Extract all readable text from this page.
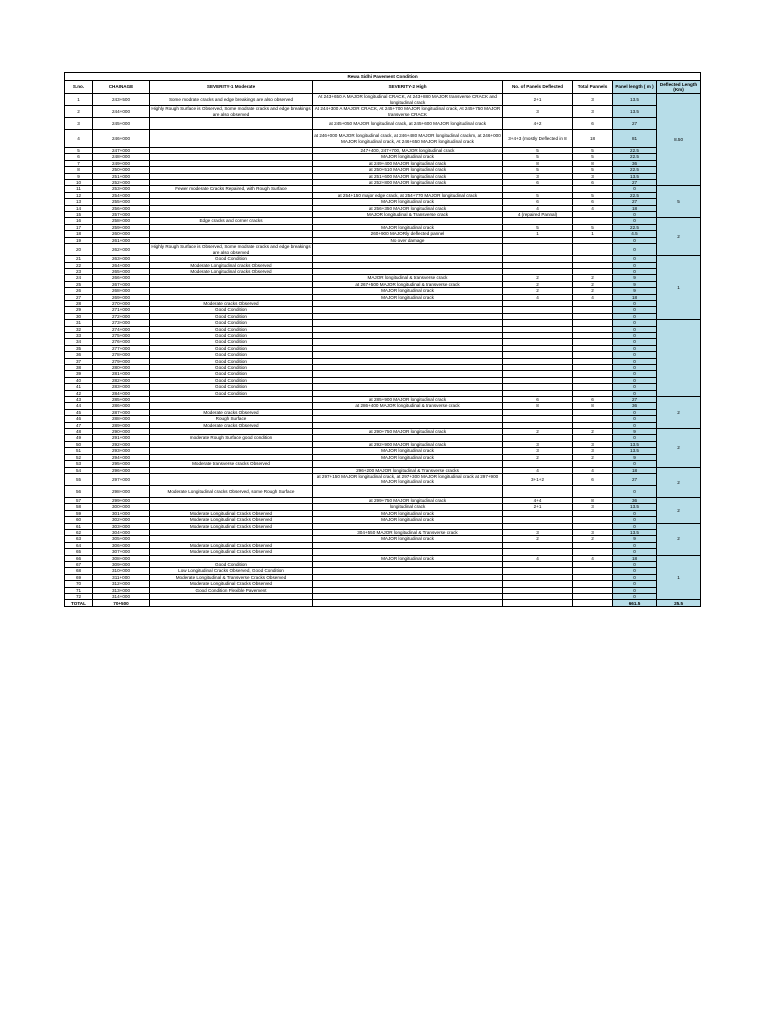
Rewa Sidhi Pavement Condition							
S.no.	CHAINAGE	SEVERITY-1 Moderate	SEVERITY-2 High	No. of Panels Deflected	Total Pannels	Panel length ( m )	Deflected Length (Km)
1	243+500	Some modrate cracks and edge breakings are also observed	At 243+650 A MAJOR longitudinal CRACK, At 243+880 MAJOR transverse CRACK and longitudinal crack	2+1	3	13.5	8.50
2	244+000	Highly Rough Surface is Observed, Some modrate cracks and edge breakings are also observed	At 244+300 A MAJOR CRACK, At 245+700 MAJOR longitudinal crack, At 245+750 MAJOR transverse CRACK	3	3	13.5	
3	245+000		at 245+050 MAJOR longitudinal crack, at 245+600 MAJOR longitudinal crack	4+2	6	27	
4	246+000		at 246+000 MAJOR longitudinal crack, at 246+480 MAJOR longitudinal crackm, at 246+000 MAJOR longitudinal crack, At 246+650 MAJOR longitudinal crack	3+4+3 (mostly Deflected in 8	18	81	
5	247+000		247+400, 247+700, MAJOR longitudinal crack	5	5	22.5	
6	248+000		MAJOR longitudinal crack	5	5	22.5	
7	249+000		at 249+400 MAJOR longitudinal crack	8	8	36	
8	250+000		at 250+510 MAJOR longitudinal crack	5	5	22.5	
9	251+000		at 251+600 MAJOR longitudinal crack	3	3	13.5	
10	252+000		at 252+800 MAJOR longitudinal crack	6	6	27	
11	253+000	Fewer moderate Cracks Repaired, with Rough Surface				0	5
12	254+000		at 254+150 major edge crack, at 254+770 MAJOR longitudinal crack	5	5	22.5	
13	255+000		MAJOR longitudinal crack	6	6	27	
14	256+000		at 256+350 MAJOR longitudinal crack	4	4	18	
15	257+000		MAJOR longitudinal & Transverse crack	4 (repaired Pannal)		0	
16	258+000	Edge cracks and corner cracks				0	2
17	259+000		MAJOR longitudinal crack	5	5	22.5	
18	260+000		260+900 MAJORly deflected pannel	1	1	4.5	
19	261+000		No over damage			0	
20	262+000	Highly Rough Surface is Observed, Some modrate cracks and edge breakings are also observed				0	
21	263+000	Good Condition				0	1
22	264+000	Moderate Longitudinal cracks Observed				0	
23	265+000	Moderate Longitudinal cracks Observed				0	
24	266+000		MAJOR longitudinal & transverse crack	2	2	9	
25	267+000		at 267+500 MAJOR longitudinal & transverse crack	2	2	9	
26	268+000		MAJOR longitudinal crack	2	2	9	
27	269+000		MAJOR longitudinal crack	4	4	18	
28	270+000	Moderate cracks Observed				0	
29	271+000	Good Condition				0	
30	272+000	Good Condition				0	
31	273+000	Good Condition				0	
32	274+000	Good Condition				0	
33	275+000	Good Condition				0	
34	276+000	Good Condition				0	
35	277+000	Good Condition				0	
36	278+000	Good Condition				0	
37	279+000	Good Condition				0	
38	280+000	Good Condition				0	
39	281+000	Good Condition				0	
40	282+000	Good Condition				0	
41	283+000	Good Condition				0	
42	284+000	Good Condition				0	
43	285+000		at 285+900 MAJOR longitudinal crack	6	6	27	2
44	286+000		at 286+400 MAJOR longitudinal & transverse crack	8	8	36	
45	287+000	Moderate cracks Observed				0	
46	288+000	Rough Surface				0	
47	289+000	Moderate cracks Observed				0	
48	290+000		at 290+750 MAJOR longitudinal crack	2	2	9	2
49	291+000	moderate Rough Surface good condition				0	
50	292+000		at 292+900 MAJOR longitudinal crack	3	3	13.5	
51	293+000		MAJOR longitudinal crack	3	3	13.5	
52	294+000		MAJOR longitudinal crack	2	2	9	
53	295+000	Moderate transverse cracks Observed				0	
54	296+000		296+200 MAJOR longitudinal & Transverse cracks	4	4	18	2
55	297+000		at 297+150 MAJOR longitudinal crack, at 297+300 MAJOR longitudinal crack at 297+900 MAJOR longitudinal crack	3+1+2	6	27	
56	298+000	Moderate Longitudinal cracks Observed, some Rough Surface				0	
57	299+000		at 299+750 MAJOR longitudinal crack	4+4	8	36	2
58	300+000		longitudinal crack	2+1	3	13.5	
59	301+000	Moderate Longitudinal Cracks Observed	MAJOR longitudinal crack			0	
60	302+000	Moderate Longitudinal Cracks Observed	MAJOR longitudinal crack			0	
61	303+000	Moderate Longitudinal Cracks Observed				0	2
62	304+000		304+550 MAJOR longitudinal & Transverse crack	3	3	13.5	
63	305+000		MAJOR longitudinal crack	2	2	9	
64	306+000	Moderate Longitudinal Cracks Observed				0	
65	307+000	Moderate Longitudinal Cracks Observed				0	
66	308+000		MAJOR longitudinal crack	4	4	18	1
67	309+000	Good Condition				0	
68	310+000	Low Longitudinal Cracks Observed, Good Condition				0	
69	311+000	Moderate Longitudinal & Transverse Cracks Observed				0	
70	312+000	Moderate Longitudinal Cracks Observed				0	
71	313+000	Good Condition Flexible Pavement				0	
72	314+000					0	
TOTAL	70+500					661.5	25.5
